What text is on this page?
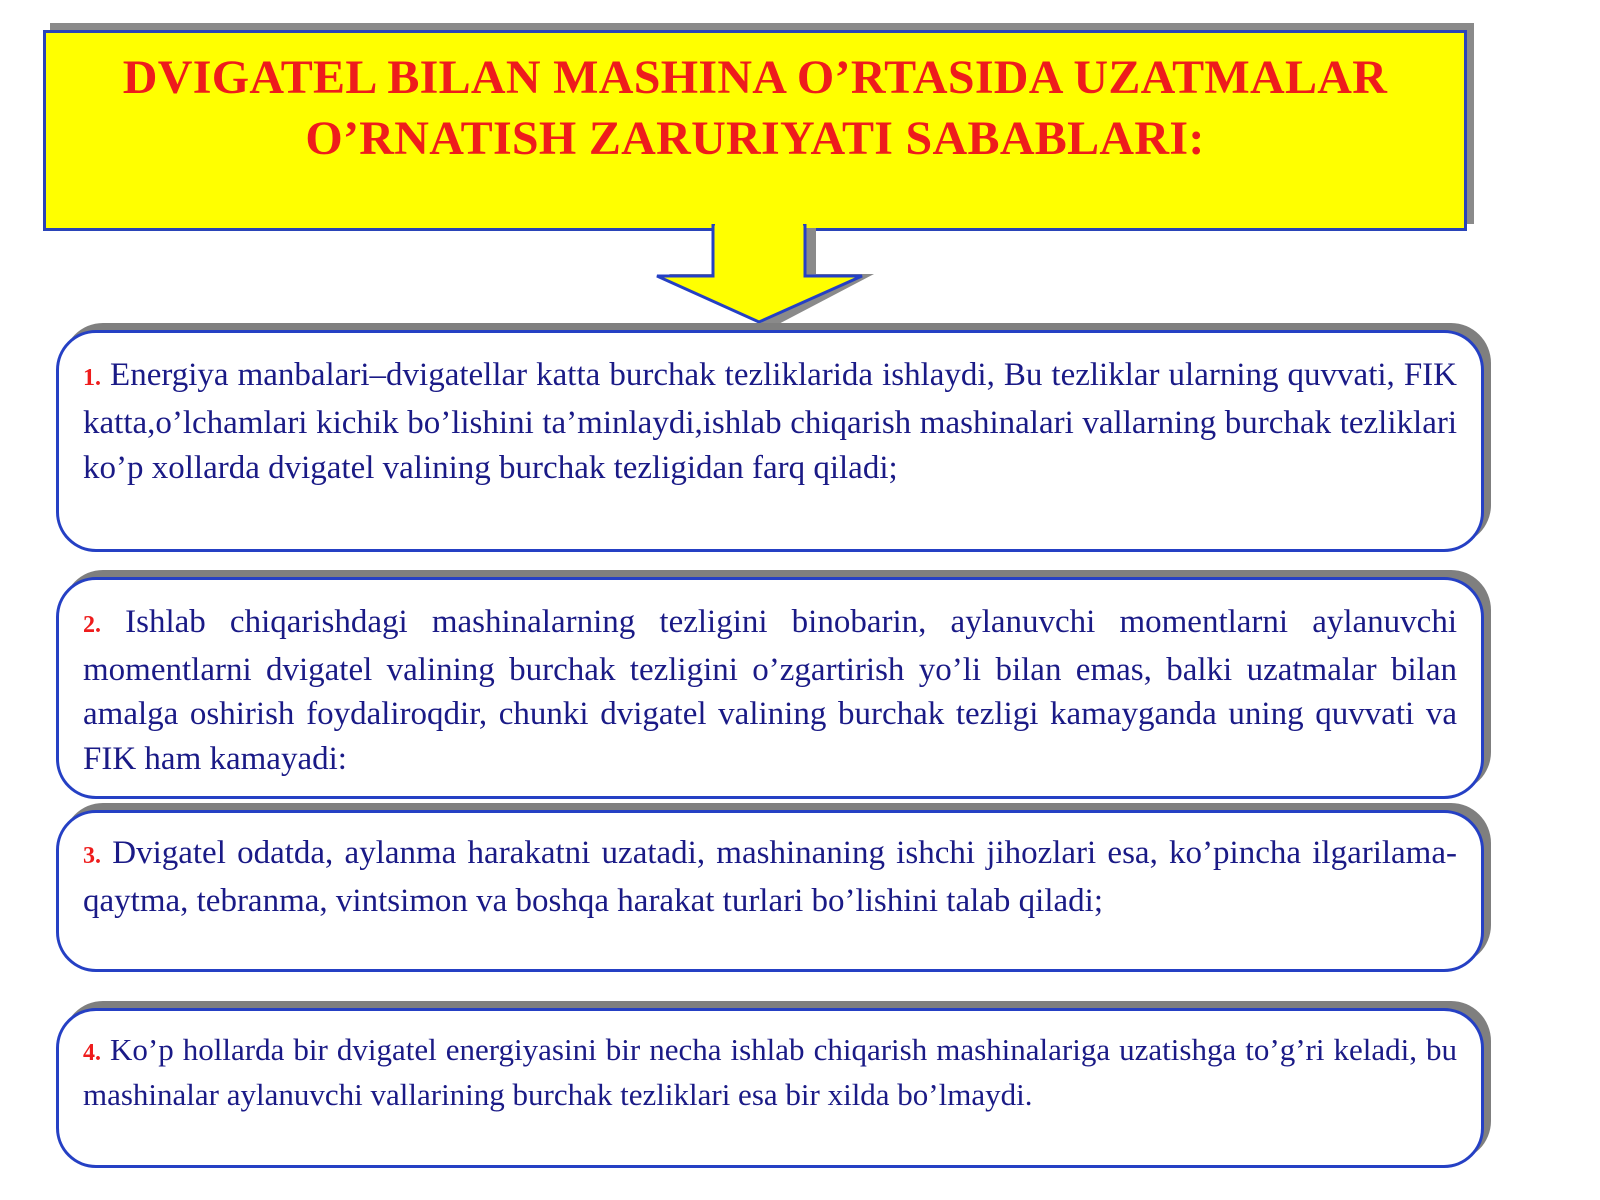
DVIGATEL BILAN MASHINA O’RTASIDA UZATMALAR
O’RNATISH ZARURIYATI SABABLARI:

1. Energiya manbalari–dvigatellar katta burchak tezliklarida ishlaydi, Bu tezliklar ularning quvvati, FIK katta,o’lchamlari kichik bo’lishini ta’minlaydi,ishlab chiqarish mashinalari vallarning burchak tezliklari ko’p xollarda dvigatel valining burchak tezligidan farq qiladi;

2. Ishlab chiqarishdagi mashinalarning tezligini binobarin, aylanuvchi momentlarni aylanuvchi momentlarni dvigatel valining burchak tezligini o’zgartirish yo’li bilan emas, balki uzatmalar bilan amalga oshirish foydaliroqdir, chunki dvigatel valining burchak tezligi kamayganda uning quvvati va FIK ham kamayadi:

3. Dvigatel odatda, aylanma harakatni uzatadi, mashinaning ishchi jihozlari esa, ko’pincha ilgarilama-qaytma, tebranma, vintsimon va boshqa harakat turlari bo’lishini talab qiladi;

4. Ko’p hollarda bir dvigatel energiyasini bir necha ishlab chiqarish mashinalariga uzatishga to’g’ri keladi, bu mashinalar aylanuvchi vallarining burchak tezliklari esa bir xilda bo’lmaydi.
